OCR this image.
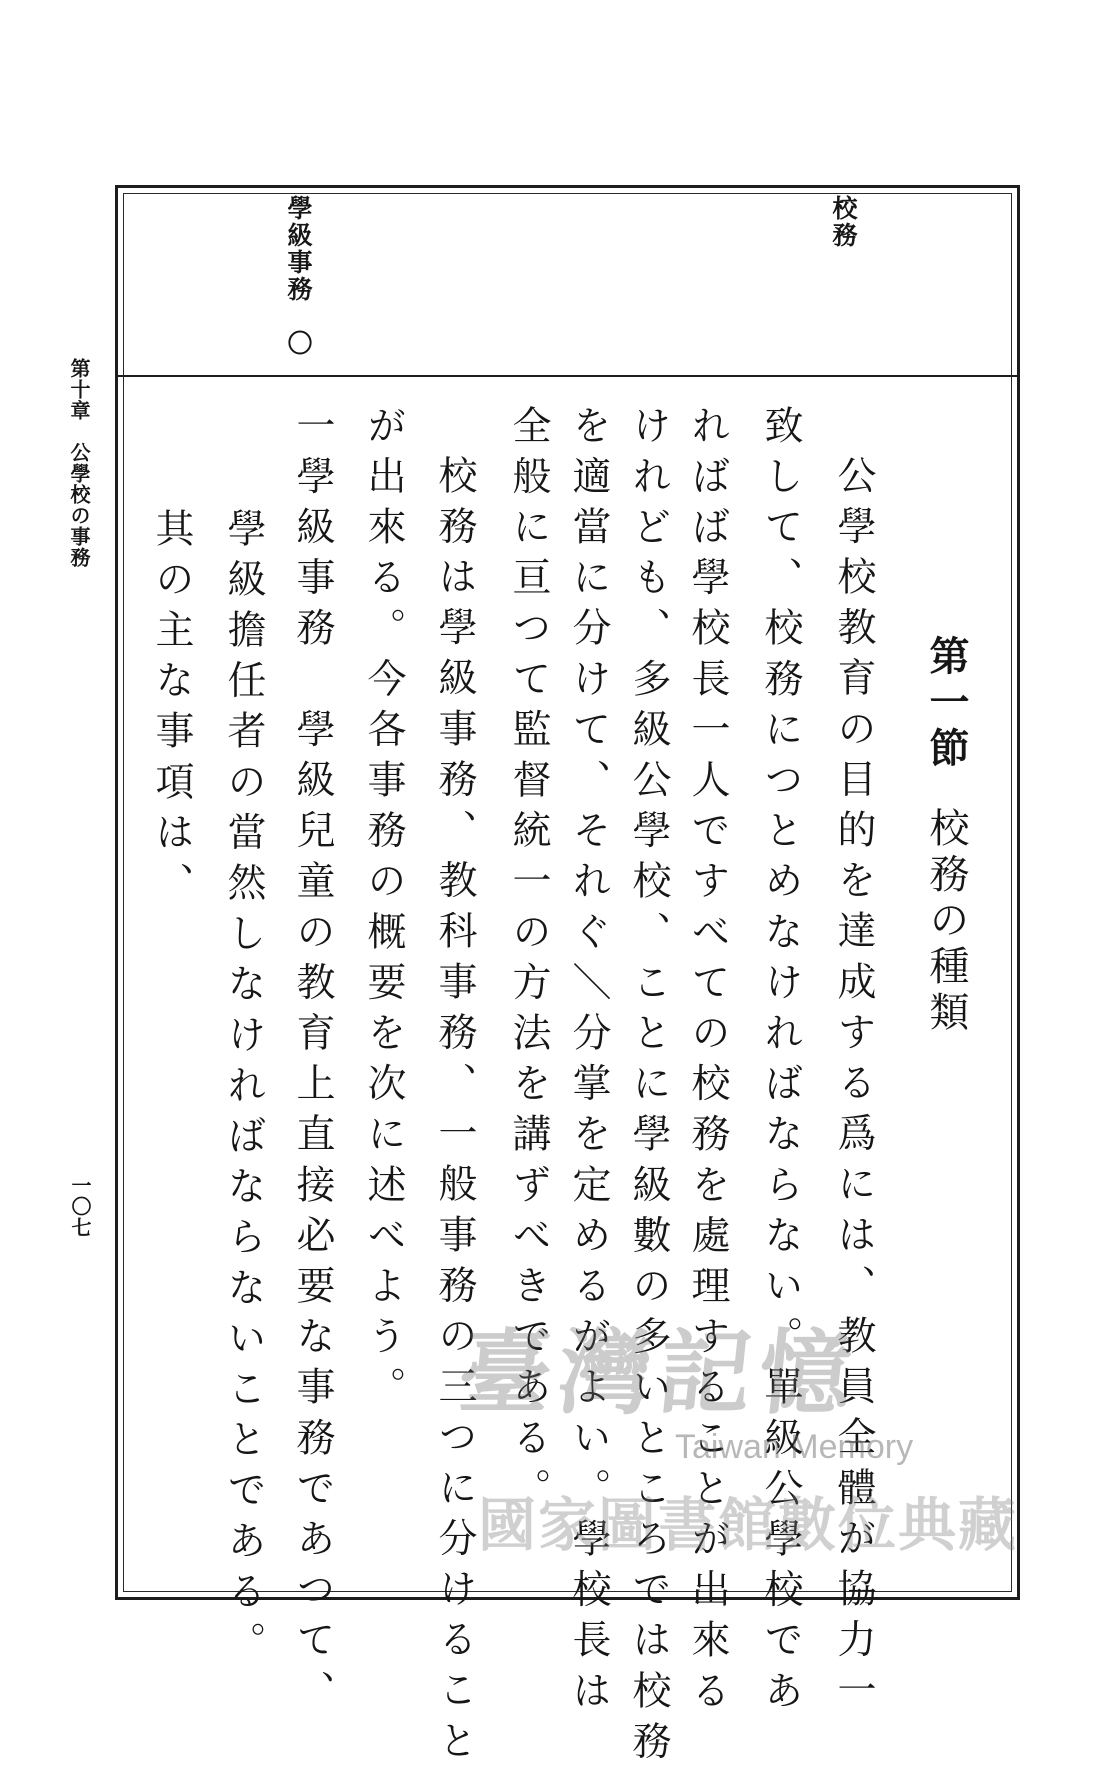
第十章　公學校の事務

一〇七

校務

學級事務　〇

第一節校務の種類

公學校教育の目的を達成する爲には、教員全體が協力一

致して、校務につとめなければならない。單級公學校であ

ればば學校長一人ですべての校務を處理することが出來る

けれども、多級公學校、ことに學級數の多いところでは校務

を適當に分けて、それぐ＼分掌を定めるがよい。學校長は

全般に亘つて監督統一の方法を講ずべきである。

校務は學級事務、教科事務、一般事務の三つに分けること

が出來る。今各事務の概要を次に述べよう。

一學級事務　學級兒童の教育上直接必要な事務であつて、

學級擔任者の當然しなければならないことである。

其の主な事項は、

臺灣記憶
Taiwan Memory
國家圖書館數位典藏
